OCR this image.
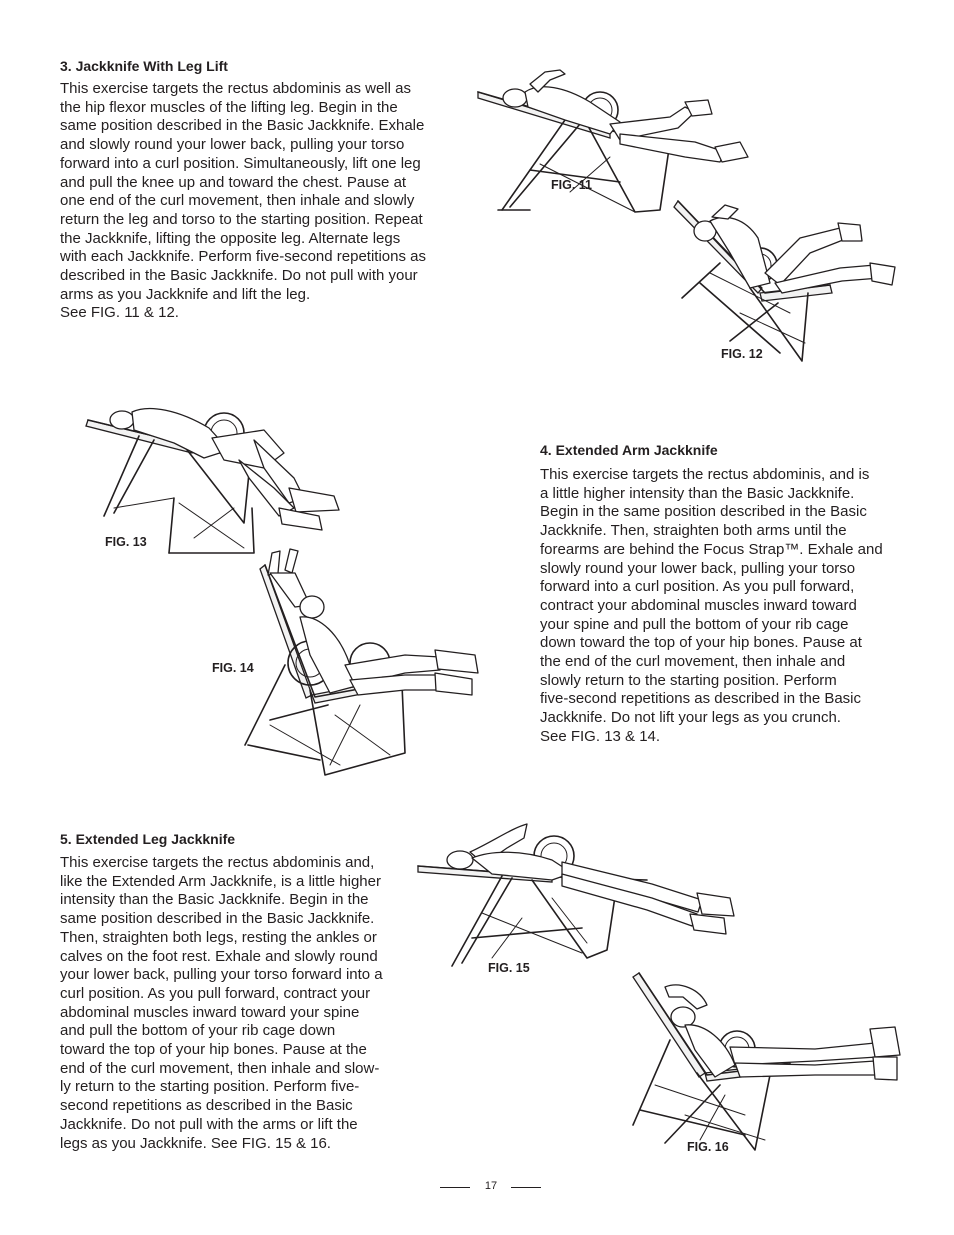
3. Jackknife With Leg Lift
This exercise targets the rectus abdominis as well as
the hip flexor muscles of the lifting leg. Begin in the
same position described in the Basic Jackknife. Exhale
and slowly round your lower back, pulling your torso
forward into a curl position. Simultaneously, lift one leg
and pull the knee up and toward the chest. Pause at
one end of the curl movement, then inhale and slowly
return the leg and torso to the starting position. Repeat
the Jackknife, lifting the opposite leg. Alternate legs
with each Jackknife. Perform five-second repetitions as
described in the Basic Jackknife. Do not pull with your
arms as you Jackknife and lift the leg.
See FIG. 11 & 12.
FIG. 11
FIG. 12
FIG. 13
FIG. 14
4. Extended Arm Jackknife
This exercise targets the rectus abdominis, and is
a little higher intensity than the Basic Jackknife.
Begin in the same position described in the Basic
Jackknife. Then, straighten both arms until the
forearms are behind the Focus Strap™. Exhale and
slowly round your lower back, pulling your torso
forward into a curl position. As you pull forward,
contract your abdominal muscles inward toward
your spine and pull the bottom of your rib cage
down toward the top of your hip bones. Pause at
the end of the curl movement, then inhale and
slowly return to the starting position. Perform
five-second repetitions as described in the Basic
Jackknife. Do not lift your legs as you crunch.
See FIG. 13 & 14.
5. Extended Leg Jackknife
This exercise targets the rectus abdominis and,
like the Extended Arm Jackknife, is a little higher
intensity than the Basic Jackknife. Begin in the
same position described in the Basic Jackknife.
Then, straighten both legs, resting the ankles or
calves on the foot rest. Exhale and slowly round
your lower back, pulling your torso forward into a
curl position. As you pull forward, contract your
abdominal muscles inward toward your spine
and pull the bottom of your rib cage down
toward the top of your hip bones. Pause at the
end of the curl movement, then inhale and slow-
ly return to the starting position. Perform five-
second repetitions as described in the Basic
Jackknife. Do not pull with the arms or lift the
legs as you Jackknife. See FIG. 15 & 16.
FIG. 15
FIG. 16
17
